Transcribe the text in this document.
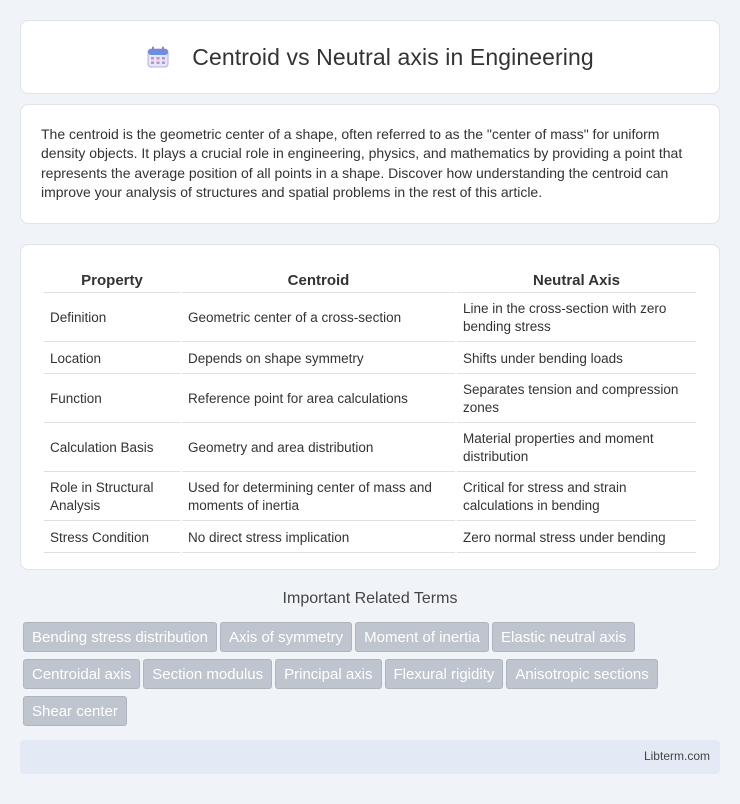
Centroid vs Neutral axis in Engineering

The centroid is the geometric center of a shape, often referred to as the "center of mass" for uniform density objects. It plays a crucial role in engineering, physics, and mathematics by providing a point that represents the average position of all points in a shape. Discover how understanding the centroid can improve your analysis of structures and spatial problems in the rest of this article.

Property	Centroid	Neutral Axis
Definition	Geometric center of a cross-section	Line in the cross-section with zero bending stress
Location	Depends on shape symmetry	Shifts under bending loads
Function	Reference point for area calculations	Separates tension and compression zones
Calculation Basis	Geometry and area distribution	Material properties and moment distribution
Role in Structural Analysis	Used for determining center of mass and moments of inertia	Critical for stress and strain calculations in bending
Stress Condition	No direct stress implication	Zero normal stress under bending
Important Related Terms
Bending stress distribution	Axis of symmetry	Moment of inertia	Elastic neutral axis
Centroidal axis	Section modulus	Principal axis	Flexural rigidity	Anisotropic sections
Shear center
Libterm.com
